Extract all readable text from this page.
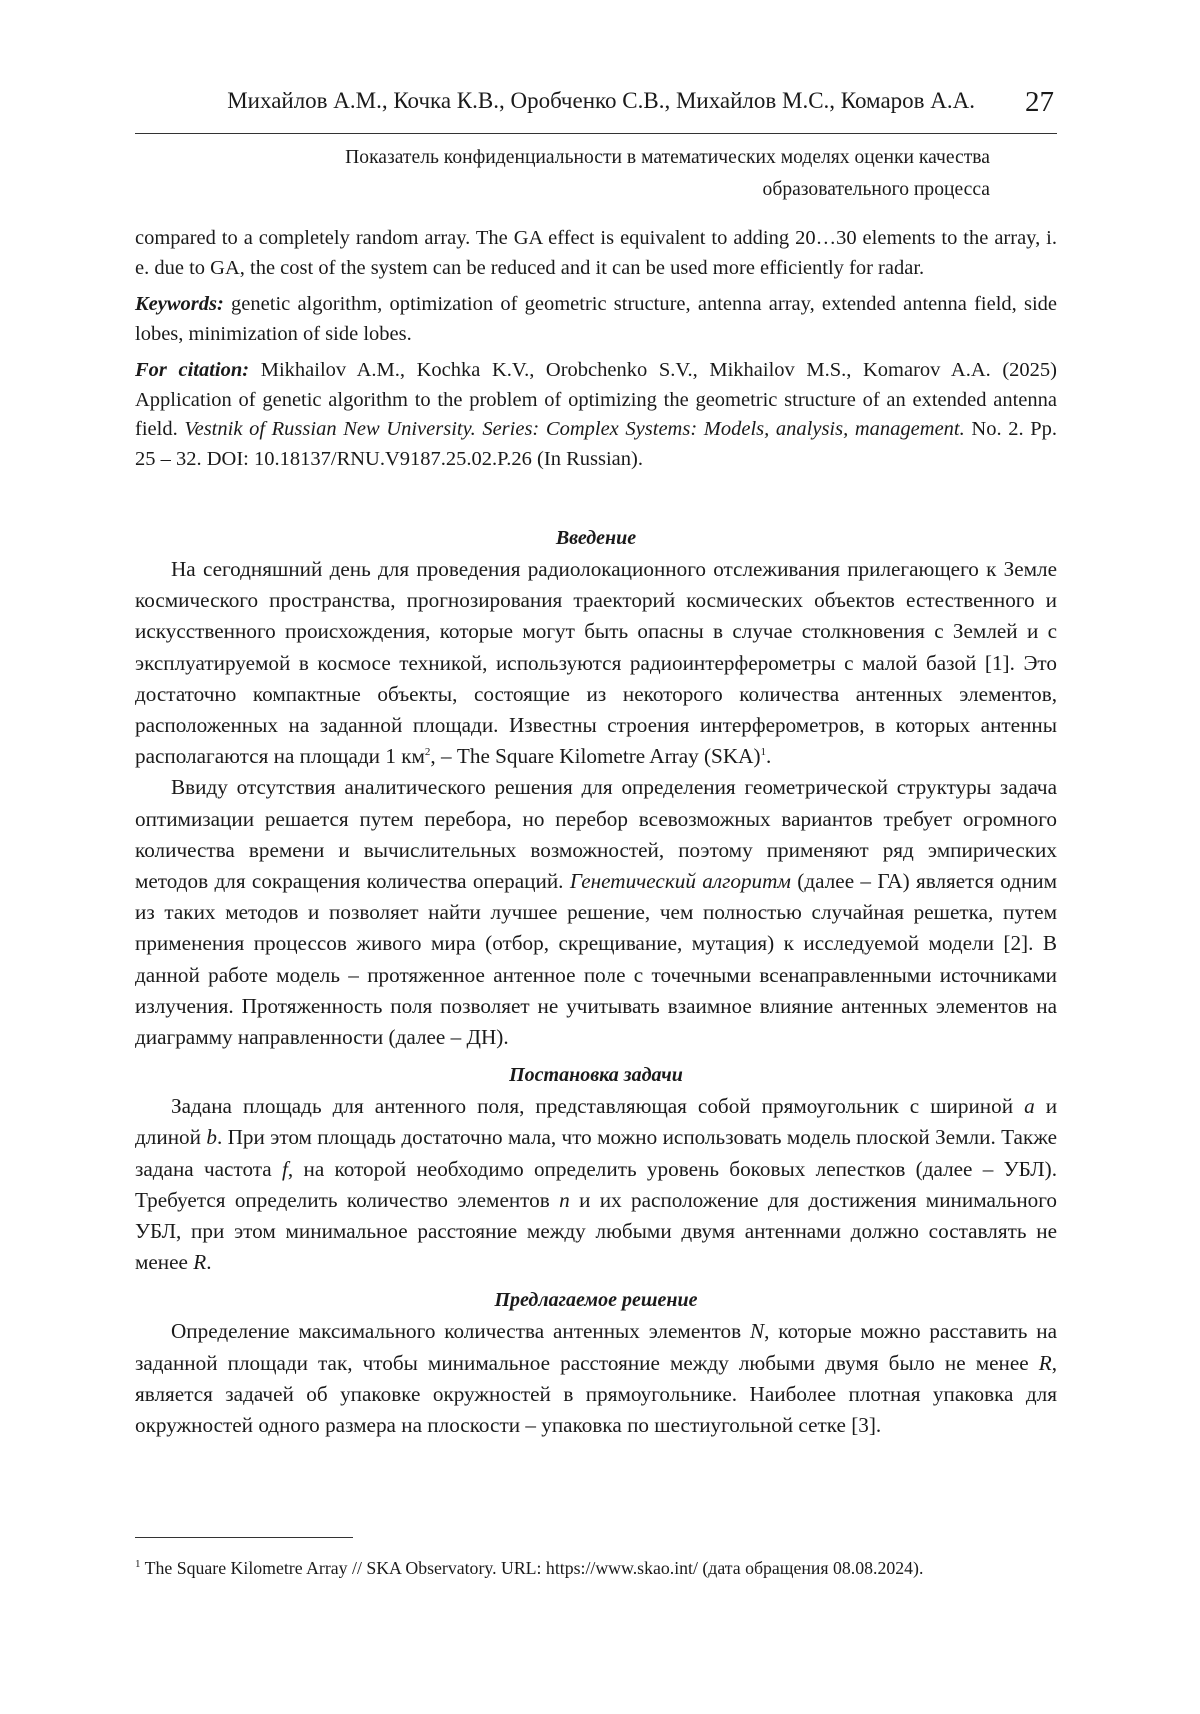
Михайлов А.М., Кочка К.В., Оробченко С.В., Михайлов М.С., Комаров А.А. 27
Показатель конфиденциальности в математических моделях оценки качества
образовательного процесса

compared to a completely random array. The GA effect is equivalent to adding 20…30 elements to the array, i. e. due to GA, the cost of the system can be reduced and it can be used more efficiently for radar.

Keywords: genetic algorithm, optimization of geometric structure, antenna array, extended antenna field, side lobes, minimization of side lobes.

For citation: Mikhailov A.M., Kochka K.V., Orobchenko S.V., Mikhailov M.S., Komarov A.A. (2025) Application of genetic algorithm to the problem of optimizing the geometric structure of an extended antenna field. Vestnik of Russian New University. Series: Complex Systems: Models, analysis, management. No. 2. Pp. 25 – 32. DOI: 10.18137/RNU.V9187.25.02.P.26 (In Russian).

Введение

На сегодняшний день для проведения радиолокационного отслеживания прилегающего к Земле космического пространства, прогнозирования траекторий космических объектов естественного и искусственного происхождения, которые могут быть опасны в случае столкновения с Землей и с эксплуатируемой в космосе техникой, используются радиоинтерферометры с малой базой [1]. Это достаточно компактные объекты, состоящие из некоторого количества антенных элементов, расположенных на заданной площади. Известны строения интерферометров, в которых антенны располагаются на площади 1 $км^2$, – The Square Kilometre Array (SKA)$^1$.

Ввиду отсутствия аналитического решения для определения геометрической структуры задача оптимизации решается путем перебора, но перебор всевозможных вариантов требует огромного количества времени и вычислительных возможностей, поэтому применяют ряд эмпирических методов для сокращения количества операций. Генетический алгоритм (далее – ГА) является одним из таких методов и позволяет найти лучшее решение, чем полностью случайная решетка, путем применения процессов живого мира (отбор, скрещивание, мутация) к исследуемой модели [2]. В данной работе модель – протяженное антенное поле с точечными всенаправленными источниками излучения. Протяженность поля позволяет не учитывать взаимное влияние антенных элементов на диаграмму направленности (далее – ДН).

Постановка задачи

Задана площадь для антенного поля, представляющая собой прямоугольник с шириной a и длиной b. При этом площадь достаточно мала, что можно использовать модель плоской Земли. Также задана частота f, на которой необходимо определить уровень боковых лепестков (далее – УБЛ). Требуется определить количество элементов n и их расположение для достижения минимального УБЛ, при этом минимальное расстояние между любыми двумя антеннами должно составлять не менее R.

Предлагаемое решение

Определение максимального количества антенных элементов N, которые можно расставить на заданной площади так, чтобы минимальное расстояние между любыми двумя было не менее R, является задачей об упаковке окружностей в прямоугольнике. Наиболее плотная упаковка для окружностей одного размера на плоскости – упаковка по шестиугольной сетке [3].

$^1$ The Square Kilometre Array // SKA Observatory. URL: https://www.skao.int/ (дата обращения 08.08.2024).
